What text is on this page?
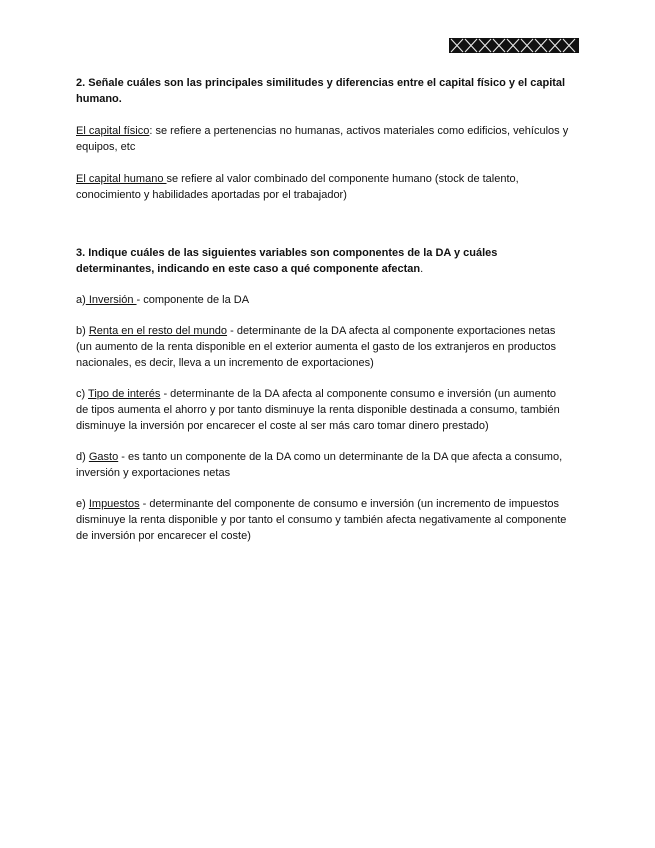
2. Señale cuáles son las principales similitudes y diferencias entre el capital físico y el capital humano.

El capital físico: se refiere a pertenencias no humanas, activos materiales como edificios, vehículos y equipos, etc

El capital humano se refiere al valor combinado del componente humano (stock de talento, conocimiento y habilidades aportadas por el trabajador)

3. Indique cuáles de las siguientes variables son componentes de la DA y cuáles determinantes, indicando en este caso a qué componente afectan.

a) Inversión - componente de la DA

b) Renta en el resto del mundo - determinante de la DA afecta al componente exportaciones netas (un aumento de la renta disponible en el exterior aumenta el gasto de los extranjeros en productos nacionales, es decir, lleva a un incremento de exportaciones)

c) Tipo de interés - determinante de la DA afecta al componente consumo e inversión (un aumento de tipos aumenta el ahorro y por tanto disminuye la renta disponible destinada a consumo, también disminuye la inversión por encarecer el coste al ser más caro tomar dinero prestado)

d) Gasto - es tanto un componente de la DA como un determinante de la DA que afecta a consumo, inversión y exportaciones netas

e) Impuestos - determinante del componente de consumo e inversión (un incremento de impuestos disminuye la renta disponible y por tanto el consumo y también afecta negativamente al componente de inversión por encarecer el coste)
